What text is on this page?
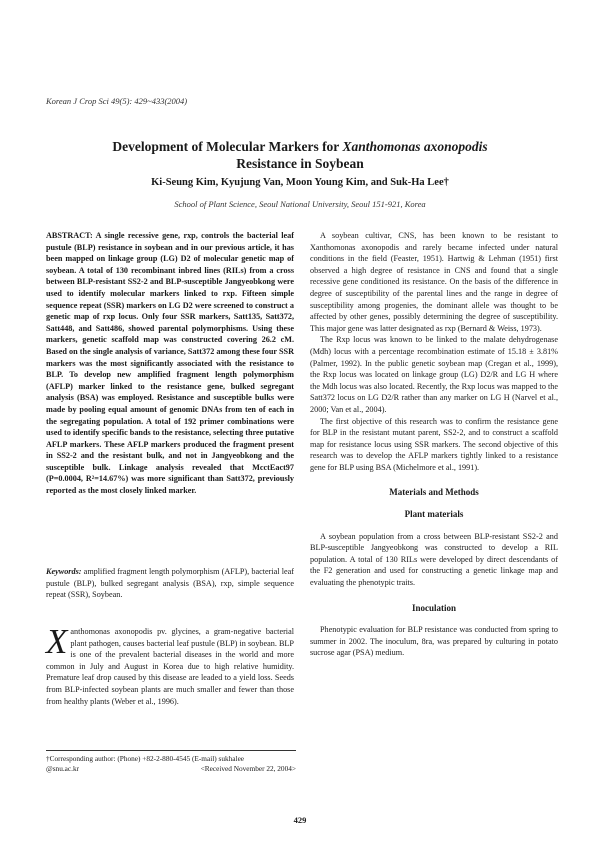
Korean J Crop Sci 49(5): 429~433(2004)
Development of Molecular Markers for Xanthomonas axonopodis
Resistance in Soybean
Ki-Seung Kim, Kyujung Van, Moon Young Kim, and Suk-Ha Lee†
School of Plant Science, Seoul National University, Seoul 151-921, Korea
ABSTRACT: A single recessive gene, rxp, controls the bacterial leaf pustule (BLP) resistance in soybean and in our previous article, it has been mapped on linkage group (LG) D2 of molecular genetic map of soybean. A total of 130 recombinant inbred lines (RILs) from a cross between BLP-resistant SS2-2 and BLP-susceptible Jangyeobkong were used to identify molecular markers linked to rxp. Fifteen simple sequence repeat (SSR) markers on LG D2 were screened to construct a genetic map of rxp locus. Only four SSR markers, Satt135, Satt372, Satt448, and Satt486, showed parental polymorphisms. Using these markers, genetic scaffold map was constructed covering 26.2 cM. Based on the single analysis of variance, Satt372 among these four SSR markers was the most significantly associated with the resistance to BLP. To develop new amplified fragment length polymorphism (AFLP) marker linked to the resistance gene, bulked segregant analysis (BSA) was employed. Resistance and susceptible bulks were made by pooling equal amount of genomic DNAs from ten of each in the segregating population. A total of 192 primer combinations were used to identify specific bands to the resistance, selecting three putative AFLP markers. These AFLP markers produced the fragment present in SS2-2 and the resistant bulk, and not in Jangyeobkong and the susceptible bulk. Linkage analysis revealed that McctEact97 (P=0.0004, R²=14.67%) was more significant than Satt372, previously reported as the most closely linked marker.
Keywords: amplified fragment length polymorphism (AFLP), bacterial leaf pustule (BLP), bulked segregant analysis (BSA), rxp, simple sequence repeat (SSR), Soybean.
Xanthomonas axonopodis pv. glycines, a gram-negative bacterial plant pathogen, causes bacterial leaf pustule (BLP) in soybean. BLP is one of the prevalent bacterial diseases in the world and more common in July and August in Korea due to high relative humidity. Premature leaf drop caused by this disease are leaded to a yield loss. Seeds from BLP-infected soybean plants are much smaller and fewer than those from healthy plants (Weber et al., 1996).
†Corresponding author: (Phone) +82-2-880-4545 (E-mail) sukhalee
@snu.ac.kr	<Received November 22, 2004>

A soybean cultivar, CNS, has been known to be resistant to Xanthomonas axonopodis and rarely became infected under natural conditions in the field (Feaster, 1951). Hartwig & Lehman (1951) first observed a high degree of resistance in CNS and found that a single recessive gene conditioned its resistance. On the basis of the difference in degree of susceptibility of the parental lines and the range in degree of susceptibility among progenies, the dominant allele was thought to be affected by other genes, possibly determining the degree of susceptibility. This major gene was latter designated as rxp (Bernard & Weiss, 1973).

The Rxp locus was known to be linked to the malate dehydrogenase (Mdh) locus with a percentage recombination estimate of 15.18 ± 3.81% (Palmer, 1992). In the public genetic soybean map (Cregan et al., 1999), the Rxp locus was located on linkage group (LG) D2/R and LG H where the Mdh locus was also located. Recently, the Rxp locus was mapped to the Satt372 locus on LG D2/R rather than any marker on LG H (Narvel et al., 2000; Van et al., 2004).

The first objective of this research was to confirm the resistance gene for BLP in the resistant mutant parent, SS2-2, and to construct a scaffold map for resistance locus using SSR markers. The second objective of this research was to develop the AFLP markers tightly linked to a resistance gene for BLP using BSA (Michelmore et al., 1991).

Materials and Methods

Plant materials

A soybean population from a cross between BLP-resistant SS2-2 and BLP-susceptible Jangyeobkong was constructed to develop a RIL population. A total of 130 RILs were developed by direct descendants of the F2 generation and used for constructing a genetic linkage map and evaluating the phenotypic traits.

Inoculation

Phenotypic evaluation for BLP resistance was conducted from spring to summer in 2002. The inoculum, 8ra, was prepared by culturing in potato sucrose agar (PSA) medium.

429
